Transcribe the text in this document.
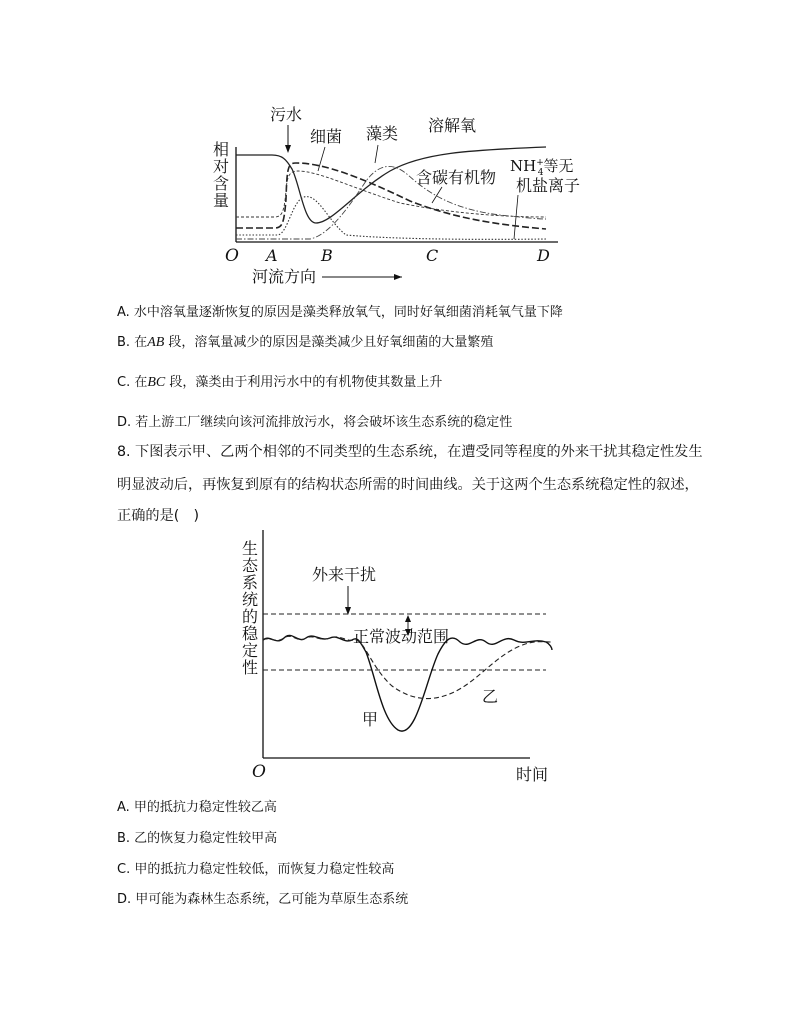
相对含量
O A	B	C	D
河流方向
污水
细菌 藻类 溶解氧
含碳有机物
NH+ 4等无
机盐离子
A. 水中溶氧量逐渐恢复的原因是藻类释放氧气，同时好氧细菌消耗氧气量下降
B. 在AB 段，溶氧量减少的原因是藻类减少且好氧细菌的大量繁殖
C. 在BC 段，藻类由于利用污水中的有机物使其数量上升
D. 若上游工厂继续向该河流排放污水，将会破坏该生态系统的稳定性
8. 下图表示甲、乙两个相邻的不同类型的生态系统，在遭受同等程度的外来干扰其稳定性发生
明显波动后，再恢复到原有的结构状态所需的时间曲线。关于这两个生态系统稳定性的叙述，
正确的是(　)
生态系统的稳定性
O	时间
外来干扰
正常波动范围
甲
乙
A. 甲的抵抗力稳定性较乙高
B. 乙的恢复力稳定性较甲高
C. 甲的抵抗力稳定性较低，而恢复力稳定性较高
D. 甲可能为森林生态系统，乙可能为草原生态系统
